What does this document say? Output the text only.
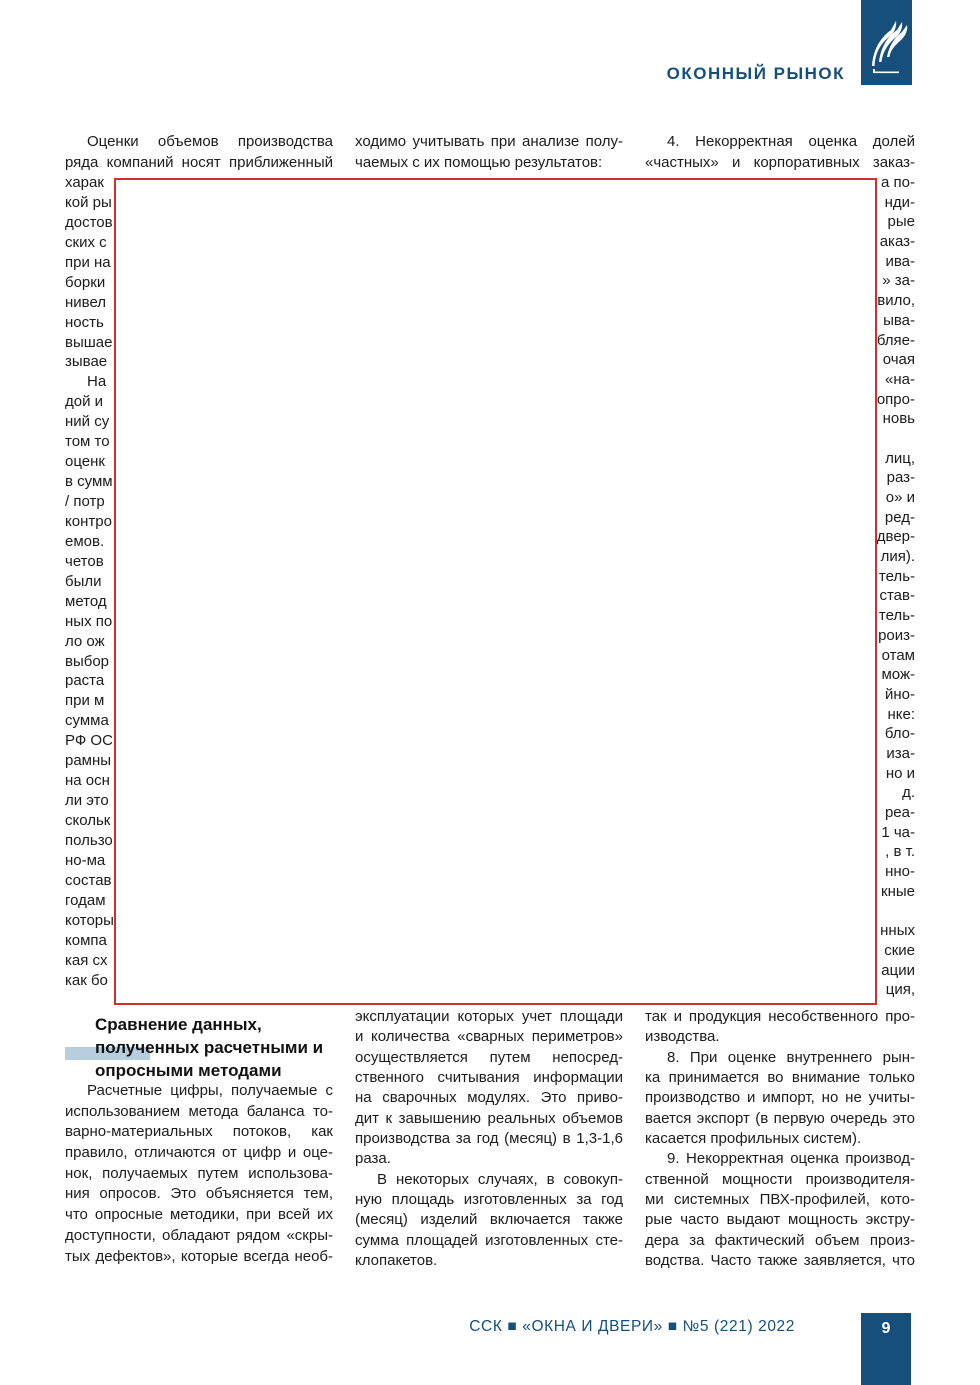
ОКОННЫЙ РЫНОК
Оценки объемов производства
ряда компаний носят приближенный
харак
кой ры
достов
ских с
при на
борки
нивел
ность
вышае
зывае
На
дой и
ний су
том то
оценк
в сумм
/ потр
контро
емов.
четов
были
метод
ных по
ло ож
выбор
раста
при м
сумма
РФ ОС
рамны
на осн
ли это
скольк
пользо
но-ма
состав
годам
которы
компа
кая сх
как бо
Сравнение данных,
полученных расчетными и
опросными методами
Расчетные цифры, получаемые с
использованием метода баланса то-
варно-материальных потоков, как
правило, отличаются от цифр и оце-
нок, получаемых путем использова-
ния опросов. Это объясняется тем,
что опросные методики, при всей их
доступности, обладают рядом «скры-
тых дефектов», которые всегда необ-
ходимо учитывать при анализе полу-
чаемых с их помощью результатов:
эксплуатации которых учет площади
и количества «сварных периметров»
осуществляется путем непосред-
ственного считывания информации
на сварочных модулях. Это приво-
дит к завышению реальных объемов
производства за год (месяц) в 1,3-1,6
раза.
В некоторых случаях, в совокуп-
ную площадь изготовленных за год
(месяц) изделий включается также
сумма площадей изготовленных сте-
клопакетов.
4. Некорректная оценка долей
«частных» и корпоративных заказ-
а по-
нди-
рые
аказ-
ива-
» за-
вило,
ыва-
бляе-
очая
«на-
опро-
новь

лиц,
раз-
о» и
ред-
двер-
лия).
тель-
став-
тель-
роиз-
отам
мож-
йно-
нке:
бло-
иза-
но и
д.
реа-
1 ча-
, в т.
нно-
кные

нных
ские
ации
ция,
так и продукция несобственного про-
изводства.
8. При оценке внутреннего рын-
ка принимается во внимание только
производство и импорт, но не учиты-
вается экспорт (в первую очередь это
касается профильных систем).
9. Некорректная оценка производ-
ственной мощности производителя-
ми системных ПВХ-профилей, кото-
рые часто выдают мощность экстру-
дера за фактический объем произ-
водства. Часто также заявляется, что
ССК ■ «ОКНА И ДВЕРИ» ■ №5 (221) 2022	9
